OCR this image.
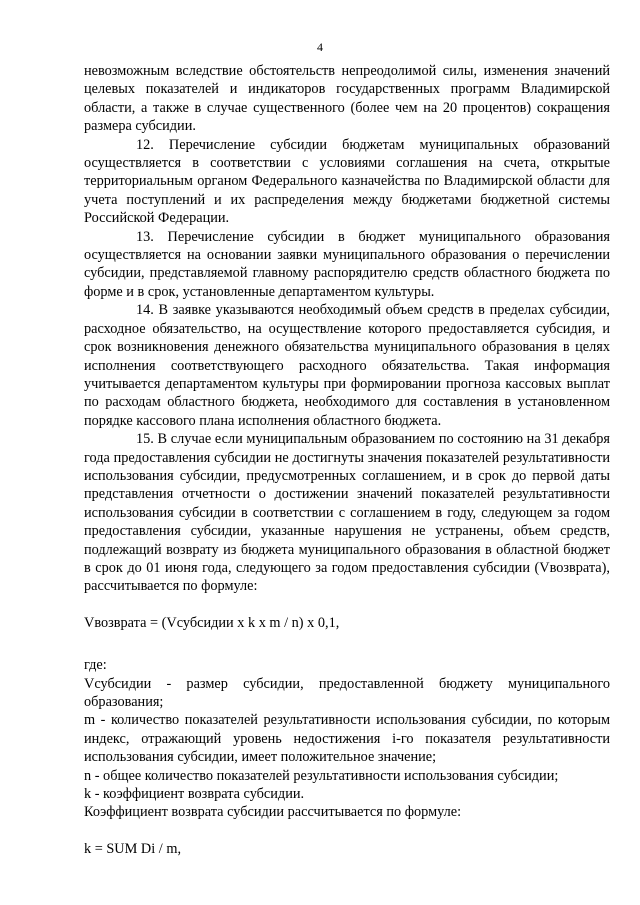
4

невозможным вследствие обстоятельств непреодолимой силы, изменения значений целевых показателей и индикаторов государственных программ Владимирской области, а также в случае существенного (более чем на 20 процентов) сокращения размера субсидии.

12. Перечисление субсидии бюджетам муниципальных образований осуществляется в соответствии с условиями соглашения на счета, открытые территориальным органом Федерального казначейства по Владимирской области для учета поступлений и их распределения между бюджетами бюджетной системы Российской Федерации.

13. Перечисление субсидии в бюджет муниципального образования осуществляется на основании заявки муниципального образования о перечислении субсидии, представляемой главному распорядителю средств областного бюджета по форме и в срок, установленные департаментом культуры.

14. В заявке указываются необходимый объем средств в пределах субсидии, расходное обязательство, на осуществление которого предоставляется субсидия, и срок возникновения денежного обязательства муниципального образования в целях исполнения соответствующего расходного обязательства. Такая информация учитывается департаментом культуры при формировании прогноза кассовых выплат по расходам областного бюджета, необходимого для составления в установленном порядке кассового плана исполнения областного бюджета.

15. В случае если муниципальным образованием по состоянию на 31 декабря года предоставления субсидии не достигнуты значения показателей результативности использования субсидии, предусмотренных соглашением, и в срок до первой даты представления отчетности о достижении значений показателей результативности использования субсидии в соответствии с соглашением в году, следующем за годом предоставления субсидии, указанные нарушения не устранены, объем средств, подлежащий возврату из бюджета муниципального образования в областной бюджет в срок до 01 июня года, следующего за годом предоставления субсидии (Vвозврата), рассчитывается по формуле:

Vвозврата = (Vсубсидии x k x m / n) x 0,1,

где:

Vсубсидии - размер субсидии, предоставленной бюджету муниципального образования;

m - количество показателей результативности использования субсидии, по которым индекс, отражающий уровень недостижения i-го показателя результативности использования субсидии, имеет положительное значение;

n - общее количество показателей результативности использования субсидии;

k - коэффициент возврата субсидии.

Коэффициент возврата субсидии рассчитывается по формуле:

k = SUM Di / m,
